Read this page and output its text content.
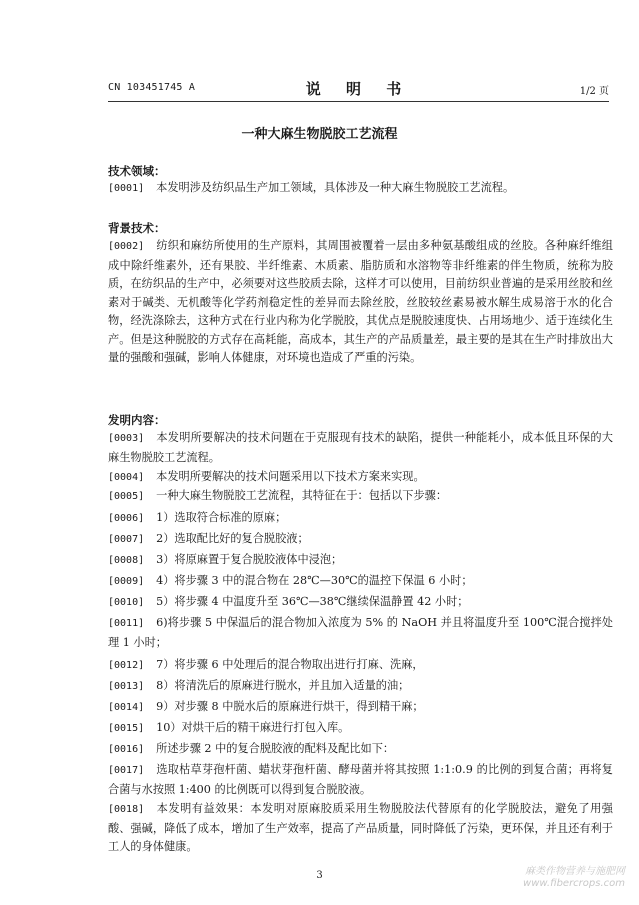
CN 103451745 A	说 明 书	1/2 页
一种大麻生物脱胶工艺流程
技术领域：
[0001] 本发明涉及纺织品生产加工领域，具体涉及一种大麻生物脱胶工艺流程。
背景技术：
[0002] 纺织和麻纺所使用的生产原料，其周围被覆着一层由多种氨基酸组成的丝胶。各种麻纤维组成中除纤维素外，还有果胶、半纤维素、木质素、脂肪质和水溶物等非纤维素的伴生物质，统称为胶质，在纺织品的生产中，必须要对这些胶质去除，这样才可以使用，目前纺织业普遍的是采用丝胶和丝素对于碱类、无机酸等化学药剂稳定性的差异而去除丝胶，丝胶较丝素易被水解生成易溶于水的化合物，经洗涤除去，这种方式在行业内称为化学脱胶，其优点是脱胶速度快、占用场地少、适于连续化生产。但是这种脱胶的方式存在高耗能，高成本，其生产的产品质量差，最主要的是其在生产时排放出大量的强酸和强碱，影响人体健康，对环境也造成了严重的污染。
发明内容：
[0003] 本发明所要解决的技术问题在于克服现有技术的缺陷，提供一种能耗小，成本低且环保的大麻生物脱胶工艺流程。
[0004] 本发明所要解决的技术问题采用以下技术方案来实现。
[0005] 一种大麻生物脱胶工艺流程，其特征在于：包括以下步骤：
[0006] 1）选取符合标准的原麻；
[0007] 2）选取配比好的复合脱胶液；
[0008] 3）将原麻置于复合脱胶液体中浸泡；
[0009] 4）将步骤 3 中的混合物在 28℃—30℃的温控下保温 6 小时；
[0010] 5）将步骤 4 中温度升至 36℃—38℃继续保温静置 42 小时；
[0011] 6)将步骤 5 中保温后的混合物加入浓度为 5% 的 NaOH 并且将温度升至 100℃混合搅拌处理 1 小时；
[0012] 7）将步骤 6 中处理后的混合物取出进行打麻、洗麻，
[0013] 8）将清洗后的原麻进行脱水，并且加入适量的油；
[0014] 9）对步骤 8 中脱水后的原麻进行烘干，得到精干麻；
[0015] 10）对烘干后的精干麻进行打包入库。
[0016] 所述步骤 2 中的复合脱胶液的配料及配比如下：
[0017] 选取枯草芽孢杆菌、蜡状芽孢杆菌、酵母菌并将其按照 1:1:0.9 的比例的到复合菌；再将复合菌与水按照 1:400 的比例既可以得到复合脱胶液。
[0018] 本发明有益效果：本发明对原麻胶质采用生物脱胶法代替原有的化学脱胶法，避免了用强酸、强碱，降低了成本，增加了生产效率，提高了产品质量，同时降低了污染，更环保，并且还有利于工人的身体健康。
3	麻类作物营养与施肥网
www.fibercrops.com
